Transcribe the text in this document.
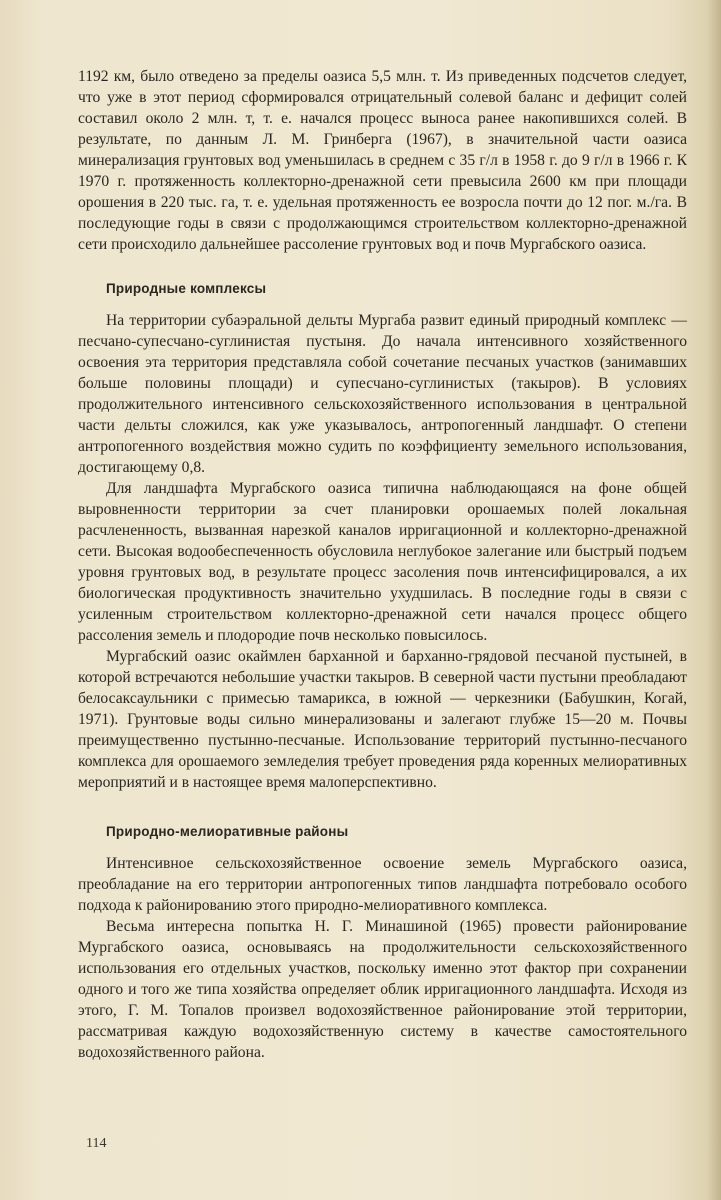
1192 км, было отведено за пределы оазиса 5,5 млн. т. Из приведенных подсчетов следует, что уже в этот период сформировался отрицательный солевой баланс и дефицит солей составил около 2 млн. т, т. е. начался процесс выноса ранее накопившихся солей. В результате, по данным Л. М. Гринберга (1967), в значительной части оазиса минерализация грунтовых вод уменьшилась в среднем с 35 г/л в 1958 г. до 9 г/л в 1966 г. К 1970 г. протяженность коллекторно-дренажной сети превысила 2600 км при площади орошения в 220 тыс. га, т. е. удельная протяженность ее возросла почти до 12 пог. м./га. В последующие годы в связи с продолжающимся строительством коллекторно-дренажной сети происходило дальнейшее рассоление грунтовых вод и почв Мургабского оазиса.

Природные комплексы

На территории субаэральной дельты Мургаба развит единый природный комплекс — песчано-супесчано-суглинистая пустыня. До начала интенсивного хозяйственного освоения эта территория представляла собой сочетание песчаных участков (занимавших больше половины площади) и супесчано-суглинистых (такыров). В условиях продолжительного интенсивного сельскохозяйственного использования в центральной части дельты сложился, как уже указывалось, антропогенный ландшафт. О степени антропогенного воздействия можно судить по коэффициенту земельного использования, достигающему 0,8.

Для ландшафта Мургабского оазиса типична наблюдающаяся на фоне общей выровненности территории за счет планировки орошаемых полей локальная расчлененность, вызванная нарезкой каналов ирригационной и коллекторно-дренажной сети. Высокая водообеспеченность обусловила неглубокое залегание или быстрый подъем уровня грунтовых вод, в результате процесс засоления почв интенсифицировался, а их биологическая продуктивность значительно ухудшилась. В последние годы в связи с усиленным строительством коллекторно-дренажной сети начался процесс общего рассоления земель и плодородие почв несколько повысилось.

Мургабский оазис окаймлен барханной и барханно-грядовой песчаной пустыней, в которой встречаются небольшие участки такыров. В северной части пустыни преобладают белосаксаульники с примесью тамарикса, в южной — черкезники (Бабушкин, Когай, 1971). Грунтовые воды сильно минерализованы и залегают глубже 15—20 м. Почвы преимущественно пустынно-песчаные. Использование территорий пустынно-песчаного комплекса для орошаемого земледелия требует проведения ряда коренных мелиоративных мероприятий и в настоящее время малоперспективно.

Природно-мелиоративные районы

Интенсивное сельскохозяйственное освоение земель Мургабского оазиса, преобладание на его территории антропогенных типов ландшафта потребовало особого подхода к районированию этого природно-мелиоративного комплекса.

Весьма интересна попытка Н. Г. Минашиной (1965) провести районирование Мургабского оазиса, основываясь на продолжительности сельскохозяйственного использования его отдельных участков, поскольку именно этот фактор при сохранении одного и того же типа хозяйства определяет облик ирригационного ландшафта. Исходя из этого, Г. М. Топалов произвел водохозяйственное районирование этой территории, рассматривая каждую водохозяйственную систему в качестве самостоятельного водохозяйственного района.

114
